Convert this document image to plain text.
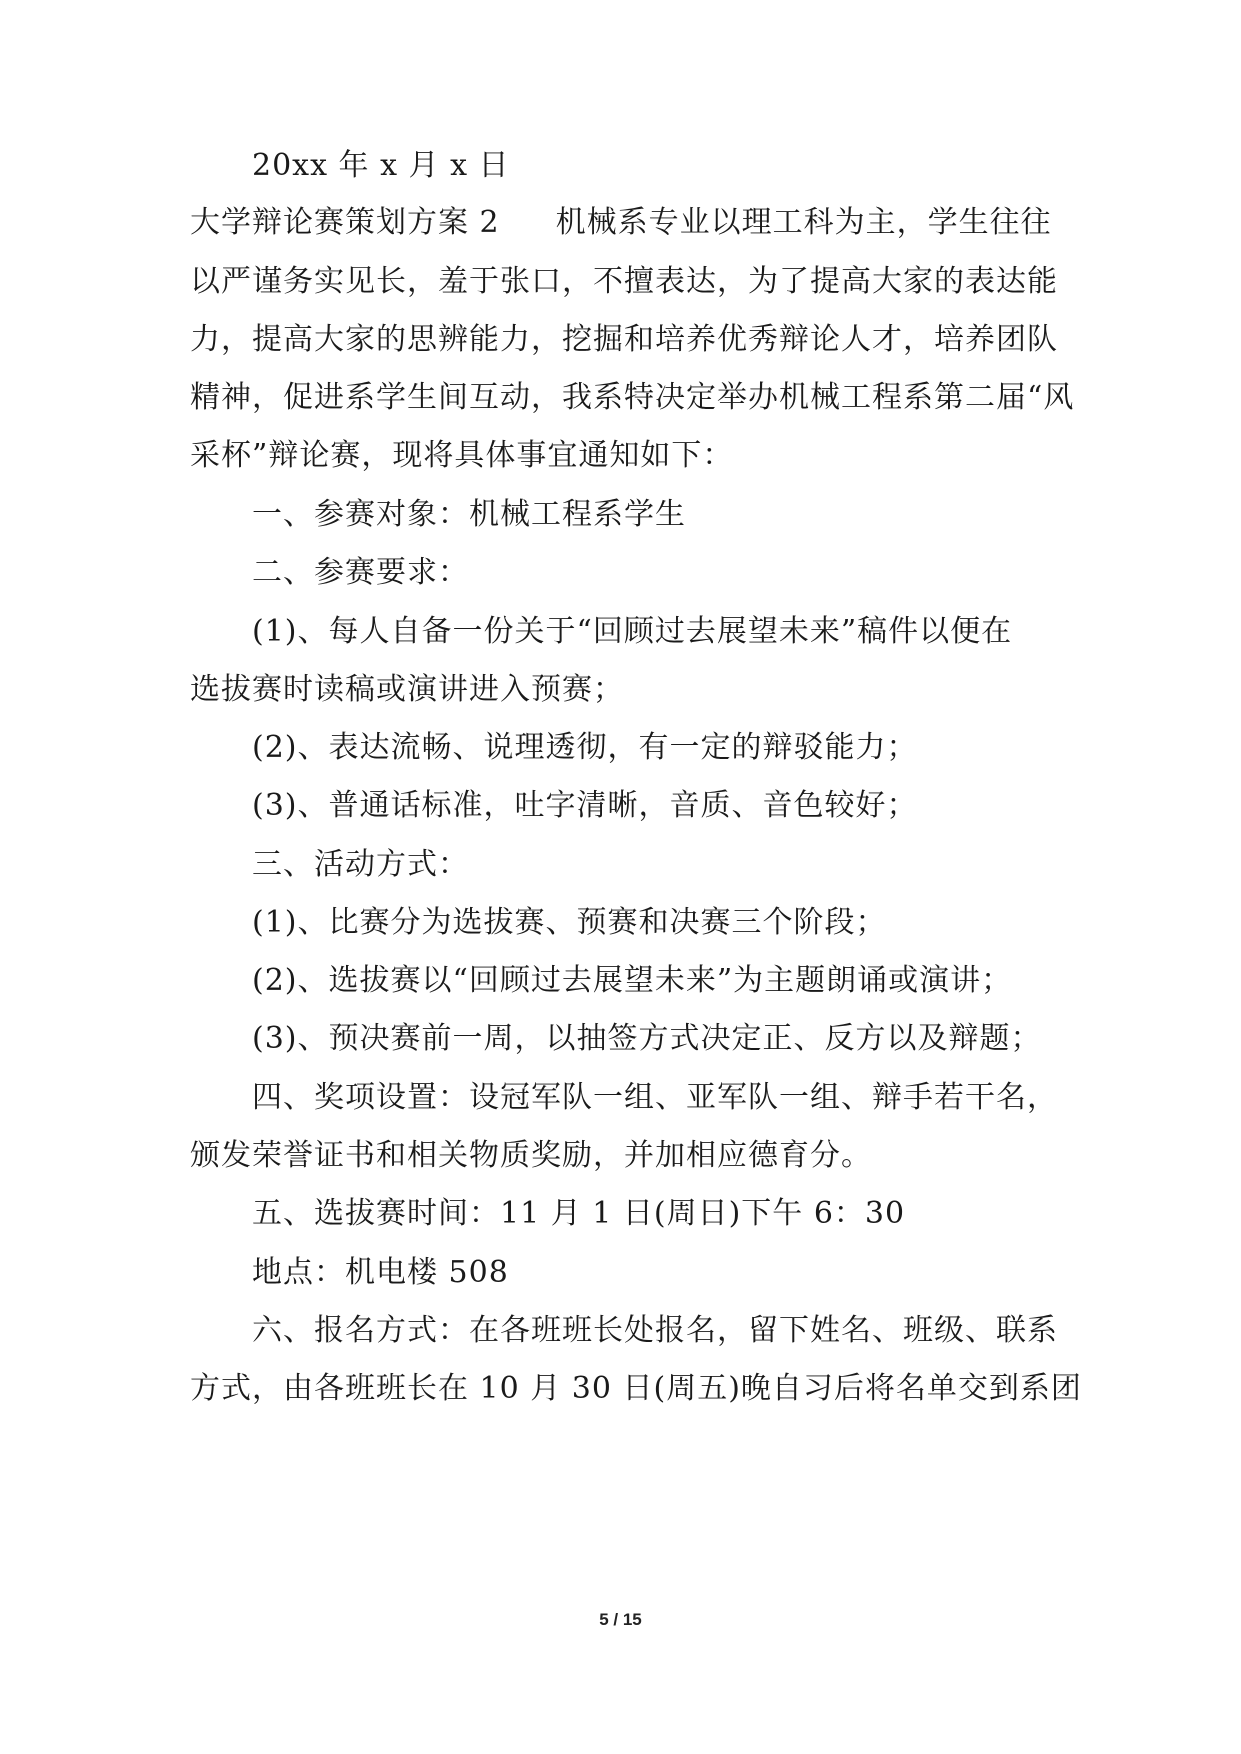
20xx 年 x 月 x 日
大学辩论赛策划方案 2 机械系专业以理工科为主，学生往往
以严谨务实见长，羞于张口，不擅表达，为了提高大家的表达能
力，提高大家的思辨能力，挖掘和培养优秀辩论人才，培养团队
精神，促进系学生间互动，我系特决定举办机械工程系第二届“风
采杯”辩论赛，现将具体事宜通知如下：
一、参赛对象：机械工程系学生
二、参赛要求：
(1)、每人自备一份关于“回顾过去展望未来”稿件以便在
选拔赛时读稿或演讲进入预赛；
(2)、表达流畅、说理透彻，有一定的辩驳能力；
(3)、普通话标准，吐字清晰，音质、音色较好；
三、活动方式：
(1)、比赛分为选拔赛、预赛和决赛三个阶段；
(2)、选拔赛以“回顾过去展望未来”为主题朗诵或演讲；
(3)、预决赛前一周，以抽签方式决定正、反方以及辩题；
四、奖项设置：设冠军队一组、亚军队一组、辩手若干名，
颁发荣誉证书和相关物质奖励，并加相应德育分。
五、选拔赛时间：11 月 1 日(周日)下午 6：30
地点：机电楼 508
六、报名方式：在各班班长处报名，留下姓名、班级、联系
方式，由各班班长在 10 月 30 日(周五)晚自习后将名单交到系团
5 / 15
